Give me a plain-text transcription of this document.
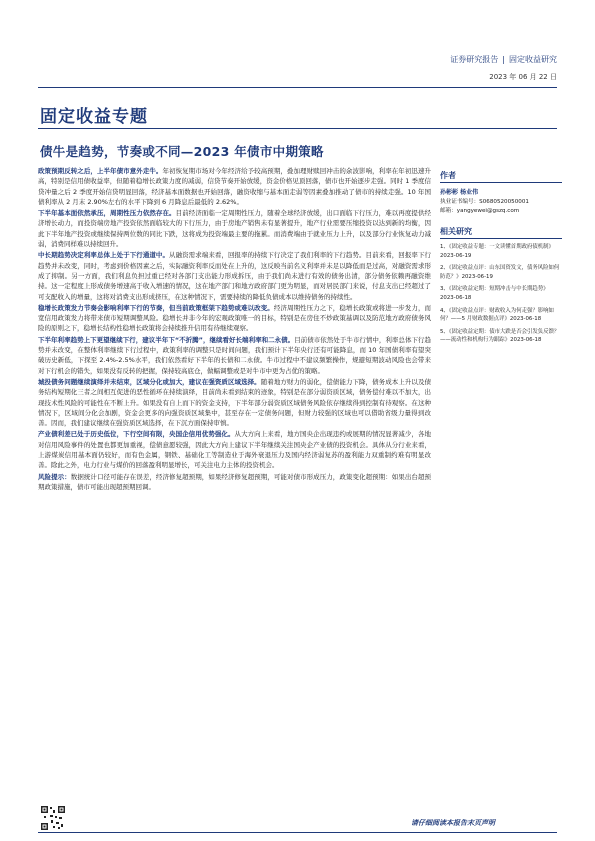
证券研究报告 | 固定收益研究
2023 年 06 月 22 日
固定收益专题
债牛是趋势，节奏或不同—2023 年债市中期策略

政策预期反转之后，上半年债市意外走牛。年初恢复期市场对今年经济给予较高预期，叠加理财赎回冲击的余波影响，利率在年初迅速升高，特别是信用债收益率，但随着稳增长政策力度的减弱，信贷节奏开始放缓，资金价格见顶回落，债市也开始逐步走强。同时 1 季度信贷冲量之后 2 季度开始信贷明显回落，经济基本面数据也开始回落，融资收缩与基本面走弱等因素叠加推动了债市的持续走强。10 年国债利率从 2 月末 2.90%左右的水平下降到 6 月降息后最低的 2.62%。

下半年基本面依然承压，周期性压力依然存在。目前经济面临一定周期性压力，随着全球经济放缓，出口面临下行压力，难以再度提供经济增长动力，而投资端房地产投资依然面临较大的下行压力，由于房地产销售未有显著提升，地产行业需要压缩投资以达到新的均衡，因此下半年地产投资或继续保持两位数的同比下跌，这将成为投资端最主要的拖累。而消费端由于就业压力上升，以及部分行业恢复动力减弱，消费同样难以持续回升。

中长期趋势决定利率总体上处于下行通道中。从融资需求端来看，回报率的持续下行决定了我们利率的下行趋势。目前来看，回报率下行趋势并未改变，同时，考虑到价格因素之后，实际融资利率反而处在上升的，这反映当前名义利率并未足以降低而是过高，对融资需求形成了抑制。另一方面，我们利息负担过重已经对各部门支出能力形成拆压，由于我们尚未进行有效的债务出清，部分债务依赖再融资维持。这一定程度上形成债务增速高于收入增速的情况，这在地产部门和地方政府部门更为明显，而对居民部门来说，付息支出已经超过了可支配收入的增量，这将对消费支出形成挤压，在这种情况下，需要持续的降低负债成本以维持债务的持续性。

稳增长政策发力节奏会影响利率下行的节奏，但当前政策框架下趋势或难以改变。经济周期性压力之下，稳增长政策或将进一步发力，而宽信用政策发力将带来债市短期调整风险。稳增长并非今年的宏观政策唯一的目标，特别是在房住不炒政策基调以及防范地方政府债务风险的原则之下，稳增长结构性稳增长政策将会持续推升信用有待继续观察。

下半年利率趋势上下更望继续下行，建议半年下“不折腾”，继续看好长端利率和二永债。目前债市依然处于牛市行情中，利率总体下行趋势并未改变，在整体利率继续下行过程中，政策利率的调整只是时间问题，我们预计下半年央行还有可能降息，而 10 年国债利率有望突破历史新低，下探至 2.4%-2.5%水平，我们依然看好下半年的长债和二永债。牛市过程中不建议频繁操作，规避短期波动风险也会带来对下行机会的错失，如果没有反转的把握，保持较高底仓，做幅调整或是对牛市中更为占优的策略。

城投债务问题继续演绎并未结束，区域分化或加大，建议在强资质区域选择。随着地方财力的弱化，偿债能力下降，债务成本上升以及债务结构短期化三者之间相互促进的恶性循环在持续演绎，目前尚未看到结束的迹象，特别是在部分弱资质区域，债务偿付难以不加大，出现技术性风险的可能性在不断上升。如果没有自上而下的资金支持，下半年部分弱资质区域债务风险依存继续得到控制有待观察。在这种情况下，区域间分化会加剧，资金会更多的向强资质区域集中，甚至存在一定债务问题，但财力较强的区域也可以借助省级力量得到改善。因而，我们建议继续在强资质区域选择，在下沉方面保持审慎。

产业债利差已处于历史低位，下行空间有限，央国企信用优势强化。从大方向上来看，地方国央企出现违约或展期的情况显著减少，各地对信用风险事件的处置也都更加重视，偿债意愿较强，因此大方向上建议下半年继续关注国央企产业债的投资机会。具体从分行业来看，上游煤炭信用基本面仍较好，而有色金属，钢铁、基础化工等制造业于海外衰退压力及国内经济弱复苏的盈利能力双重制约难有明显改善。除此之外，电力行业与煤价的回落盈利明显增长，可关注电力主体的投资机会。

风险提示：数据统计口径可能存在误差，经济修复超预期，如果经济修复超预期，可能对债市形成压力，政策变化超预期：如果出台超预期政策措施，债市可能出现超预期回调。

作者
孙彬彬 杨业伟
执业证书编号：S0680520050001
邮箱：yangyewei@gszq.com
相关研究
1、《固定收益专题：一文读懂首期政府债机制》2023-06-19
2、《固定收益点评：山东国资发文，债务风险如何防范？》2023-06-19
3、《固定收益定期：短期冲击与中长期趋势》2023-06-18
4、《固定收益点评：财政收入为何走强？影响如何？——5 月财政数据点评》2023-06-18
5、《固定收益定期：债市大跌是否会引发负反馈？——流动性和机构行为跟踪》2023-06-18
请仔细阅读本报告末页声明
